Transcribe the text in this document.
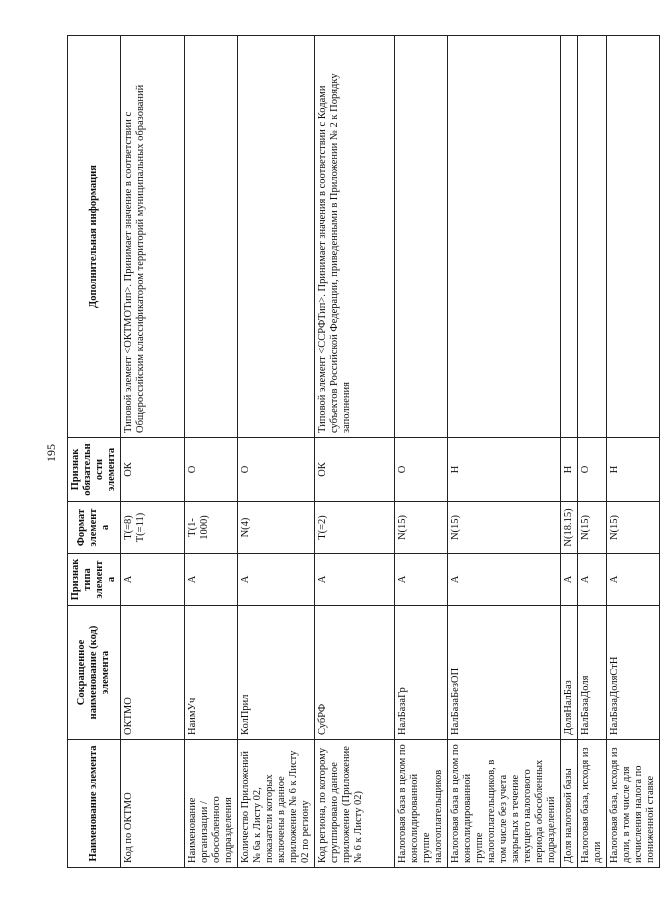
195
Наименование элемента	Сокращенное наименование (код) элемента	Признак типа элемента	Формат элемента	Признак обязательности элемента	Дополнительная информация
Код по ОКТМО	ОКТМО	А	T(=8) T(=11)	ОК	Типовой элемент <ОКТМОТип>. Принимает значение в соответствии с Общероссийским классификатором территорий муниципальных образований
Наименование организации / обособленного подразделения	НаимУч	А	T(1-1000)	О	
Количество Приложений № 6а к Листу 02, показатели которых включены в данное приложение № 6 к Листу 02 по региону	КолПрил	А	N(4)	О	
Код региона, по которому сгруппировано данное приложение (Приложение № 6 к Листу 02)	СубРФ	А	T(=2)	ОК	Типовой элемент <ССРФТип>. Принимает значения в соответствии с Кодами субъектов Российской Федерации, приведенными в Приложении № 2 к Порядку заполнения
Налоговая база в целом по консолидированной группе налогоплательщиков	НалБазаГр	А	N(15)	О	
Налоговая база в целом по консолидированной группе налогоплательщиков, в том числе без учета закрытых в течение текущего налогового периода обособленных подразделений	НалБазаБезОП	А	N(15)	Н	
Доля налоговой базы	ДоляНалБаз	А	N(18.15)	Н	
Налоговая база, исходя из доли	НалБазаДоля	А	N(15)	О	
Налоговая база, исходя из доли, в том числе для исчисления налога по пониженной ставке	НалБазаДоляСтН	А	N(15)	Н	
